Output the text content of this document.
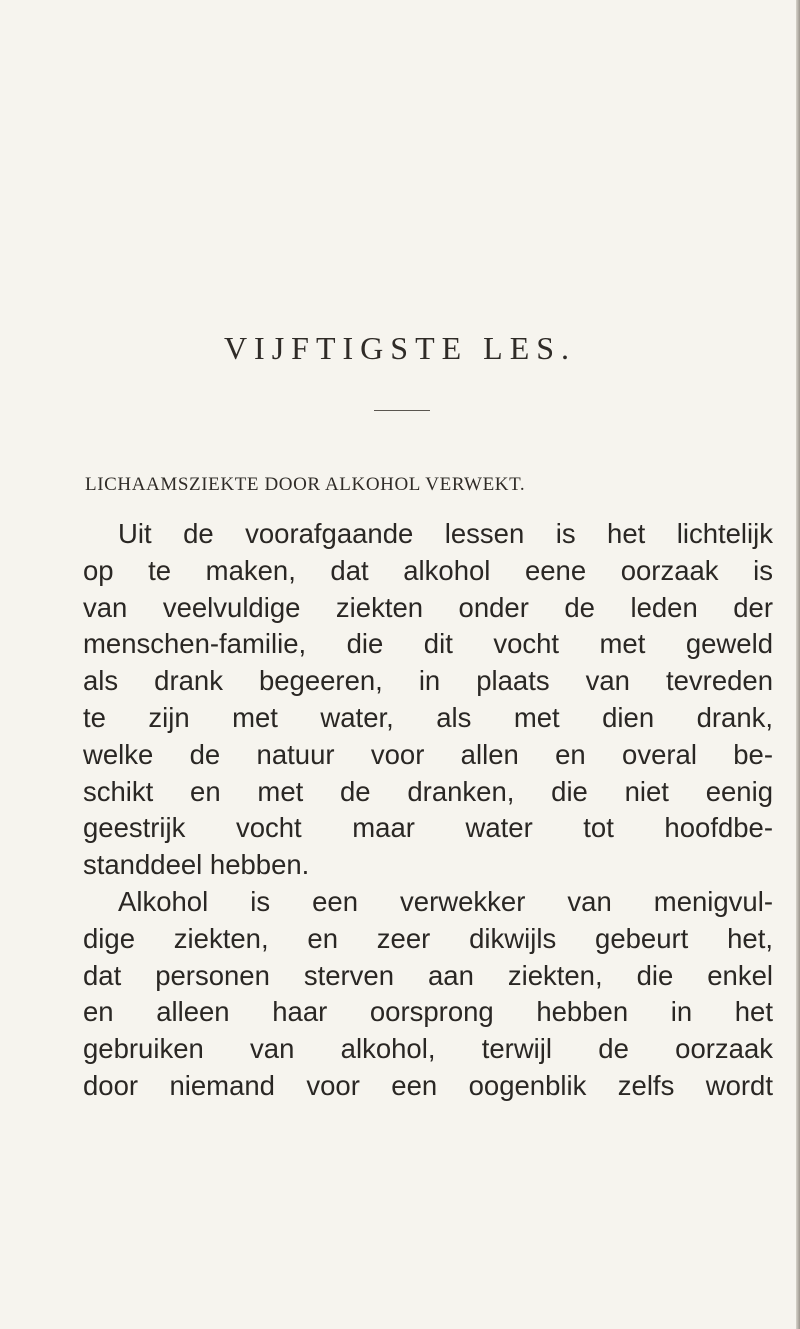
VIJFTIGSTE LES.
LICHAAMSZIEKTE DOOR ALKOHOL VERWEKT.
Uit de voorafgaande lessen is het lichtelijk
op te maken, dat alkohol eene oorzaak is
van veelvuldige ziekten onder de leden der
menschen-familie, die dit vocht met geweld
als drank begeeren, in plaats van tevreden
te zijn met water, als met dien drank,
welke de natuur voor allen en overal be-
schikt en met de dranken, die niet eenig
geestrijk vocht maar water tot hoofdbe-
standdeel hebben.
Alkohol is een verwekker van menigvul-
dige ziekten, en zeer dikwijls gebeurt het,
dat personen sterven aan ziekten, die enkel
en alleen haar oorsprong hebben in het
gebruiken van alkohol, terwijl de oorzaak
door niemand voor een oogenblik zelfs wordt
